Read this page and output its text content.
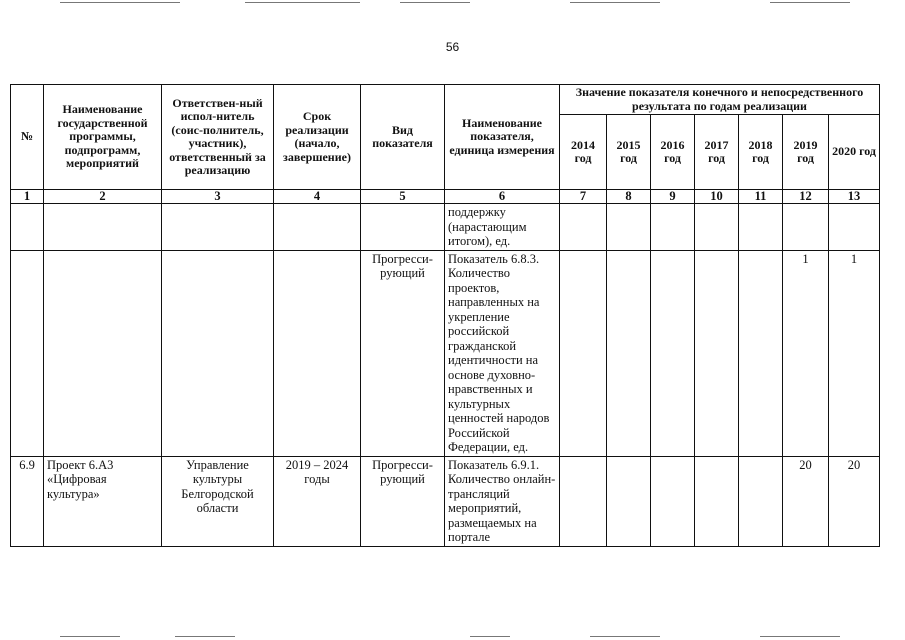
56
№	Наименование государственной программы, подпрограмм, мероприятий	Ответствен-ный испол-нитель (соис-полнитель, участник), ответственный за реализацию	Срок реализации (начало, завершение)	Вид показателя	Наименование показателя, единица измерения	Значение показателя конечного и непосредственного результата по годам реализации						
						2014 год	2015 год	2016 год	2017 год	2018 год	2019 год	2020 год
1	2	3	4	5	6	7	8	9	10	11	12	13
					поддержку (нарастающим итогом), ед.							
				Прогресси-рующий	Показатель 6.8.3. Количество проектов, направленных на укрепление российской гражданской идентичности на основе духовно-нравственных и культурных ценностей народов Российской Федерации, ед.						1	1
6.9	Проект 6.А3 «Цифровая культура»	Управление культуры Белгородской области	2019 – 2024 годы	Прогресси-рующий	Показатель 6.9.1. Количество онлайн-трансляций мероприятий, размещаемых на портале						20	20
